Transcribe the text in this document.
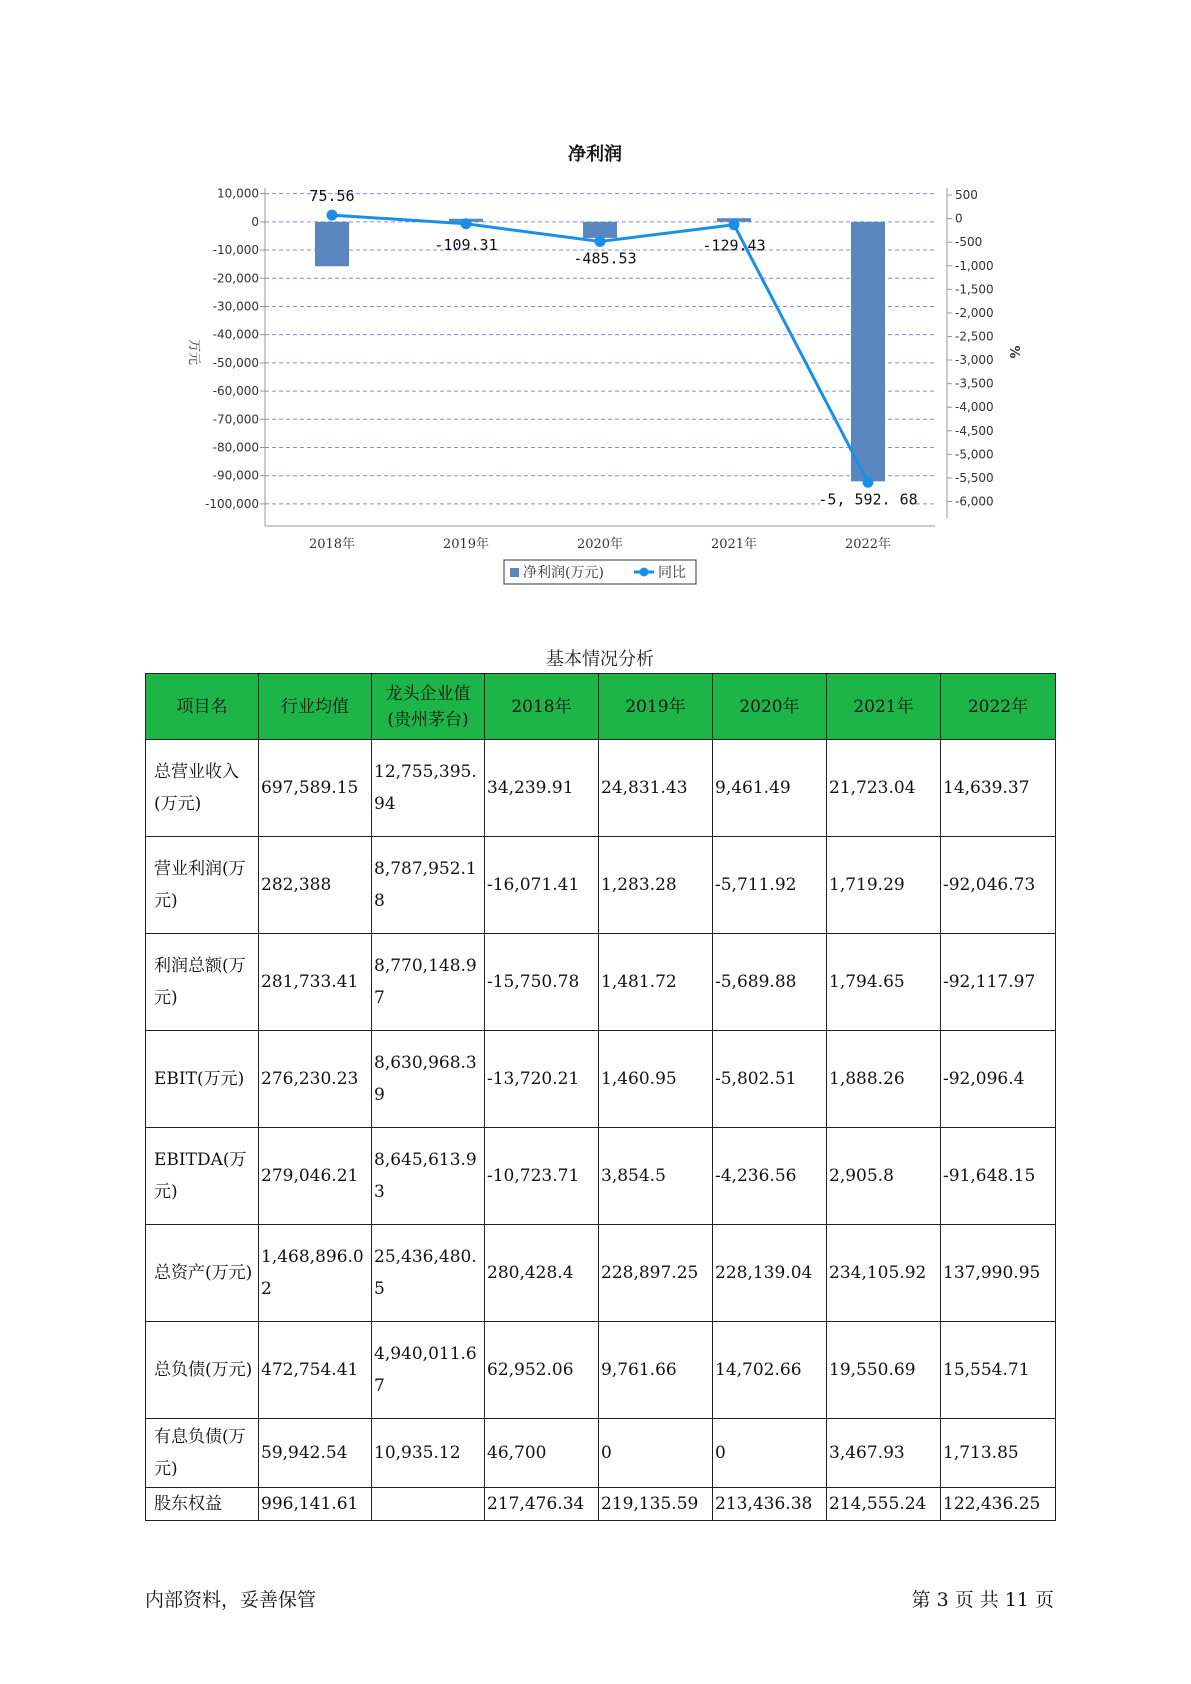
净利润
10,000
0
-10,000
-20,000
-30,000
-40,000
-50,000
-60,000
-70,000
-80,000
-90,000
-100,000
500
0
-500
-1,000
-1,500
-2,000
-2,500
-3,000
-3,500
-4,000
-4,500
-5,000
-5,500
-6,000
万元	%
2018年	2019年	2020年	2021年	2022年
75.56
-109.31
-485.53
-129.43
-5, 592. 68
净利润(万元)	同比
基本情况分析
项目名	行业均值	龙头企业值(贵州茅台)	2018年	2019年	2020年	2021年	2022年
总营业收入(万元)	697,589.15	12,755,395.94	34,239.91	24,831.43	9,461.49	21,723.04	14,639.37
营业利润(万元)	282,388	8,787,952.18	-16,071.41	1,283.28	-5,711.92	1,719.29	-92,046.73
利润总额(万元)	281,733.41	8,770,148.97	-15,750.78	1,481.72	-5,689.88	1,794.65	-92,117.97
EBIT(万元)	276,230.23	8,630,968.39	-13,720.21	1,460.95	-5,802.51	1,888.26	-92,096.4
EBITDA(万元)	279,046.21	8,645,613.93	-10,723.71	3,854.5	-4,236.56	2,905.8	-91,648.15
总资产(万元)	1,468,896.02	25,436,480.5	280,428.4	228,897.25	228,139.04	234,105.92	137,990.95
总负债(万元)	472,754.41	4,940,011.67	62,952.06	9,761.66	14,702.66	19,550.69	15,554.71
有息负债(万元)	59,942.54	10,935.12	46,700	0	0	3,467.93	1,713.85
股东权益	996,141.61		217,476.34	219,135.59	213,436.38	214,555.24	122,436.25
内部资料，妥善保管	第 3 页 共 11 页
